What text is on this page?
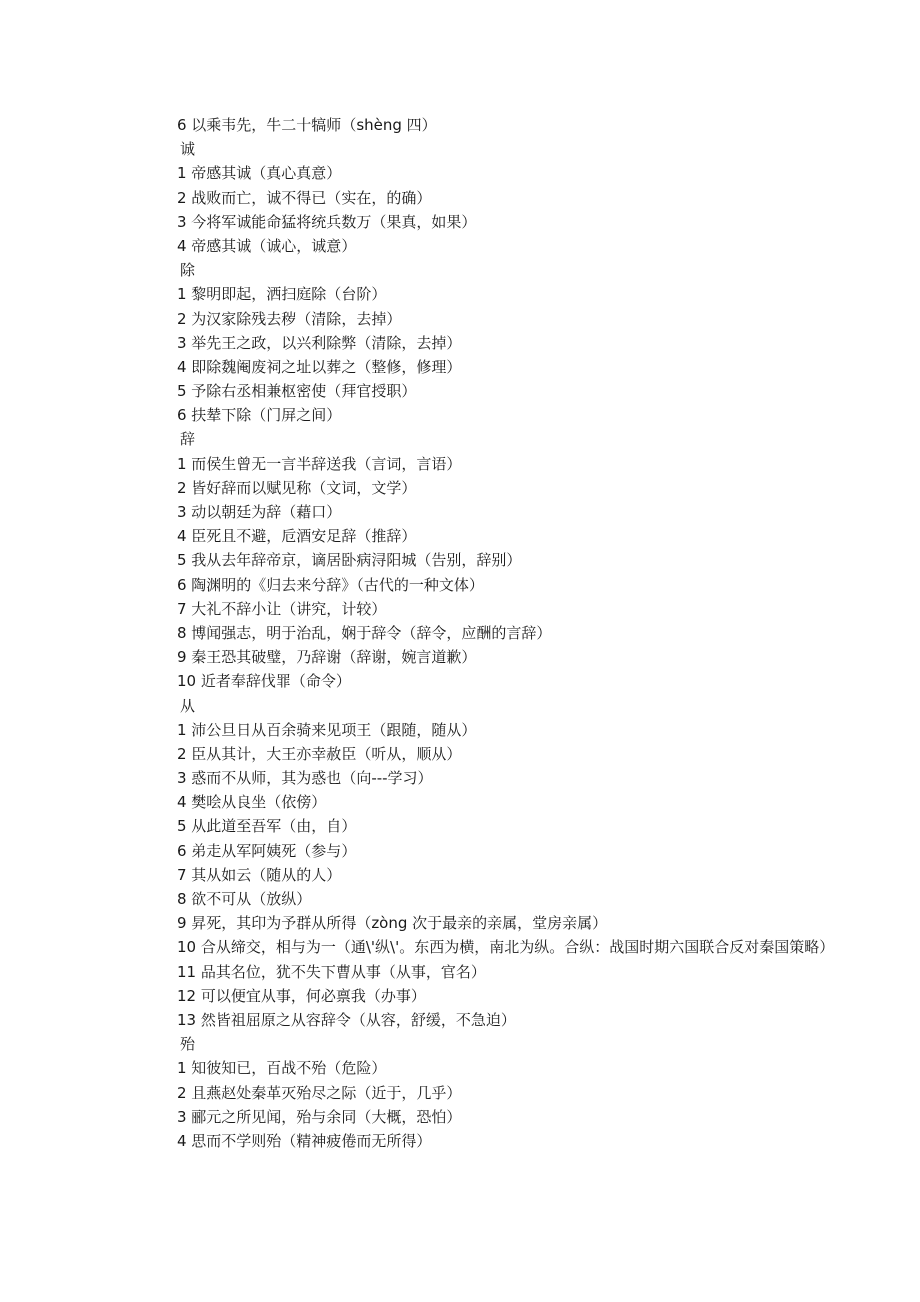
6 以乘韦先，牛二十犒师（shèng 四）
诚
1 帝感其诚（真心真意）
2 战败而亡，诚不得已（实在，的确）
3 今将军诚能命猛将统兵数万（果真，如果）
4 帝感其诚（诚心，诚意）
除
1 黎明即起，洒扫庭除（台阶）
2 为汉家除残去秽（清除，去掉）
3 举先王之政，以兴利除弊（清除，去掉）
4 即除魏阉废祠之址以葬之（整修，修理）
5 予除右丞相兼枢密使（拜官授职）
6 扶辇下除（门屏之间）
辞
1 而侯生曾无一言半辞送我（言词，言语）
2 皆好辞而以赋见称（文词，文学）
3 动以朝廷为辞（藉口）
4 臣死且不避，卮酒安足辞（推辞）
5 我从去年辞帝京，谪居卧病浔阳城（告别，辞别）
6 陶渊明的《归去来兮辞》（古代的一种文体）
7 大礼不辞小让（讲究，计较）
8 博闻强志，明于治乱，娴于辞令（辞令，应酬的言辞）
9 秦王恐其破璧，乃辞谢（辞谢，婉言道歉）
10 近者奉辞伐罪（命令）
从
1 沛公旦日从百余骑来见项王（跟随，随从）
2 臣从其计，大王亦幸赦臣（听从，顺从）
3 惑而不从师，其为惑也（向---学习）
4 樊哙从良坐（依傍）
5 从此道至吾军（由，自）
6 弟走从军阿姨死（参与）
7 其从如云（随从的人）
8 欲不可从（放纵）
9 昇死，其印为予群从所得（zòng 次于最亲的亲属，堂房亲属）
10 合从缔交，相与为一（通\'纵\'。东西为横，南北为纵。合纵：战国时期六国联合反对秦国策略）
11 品其名位，犹不失下曹从事（从事，官名）
12 可以便宜从事，何必禀我（办事）
13 然皆祖屈原之从容辞令（从容，舒缓，不急迫）
殆
1 知彼知已，百战不殆（危险）
2 且燕赵处秦革灭殆尽之际（近于，几乎）
3 郦元之所见闻，殆与余同（大概，恐怕）
4 思而不学则殆（精神疲倦而无所得）
